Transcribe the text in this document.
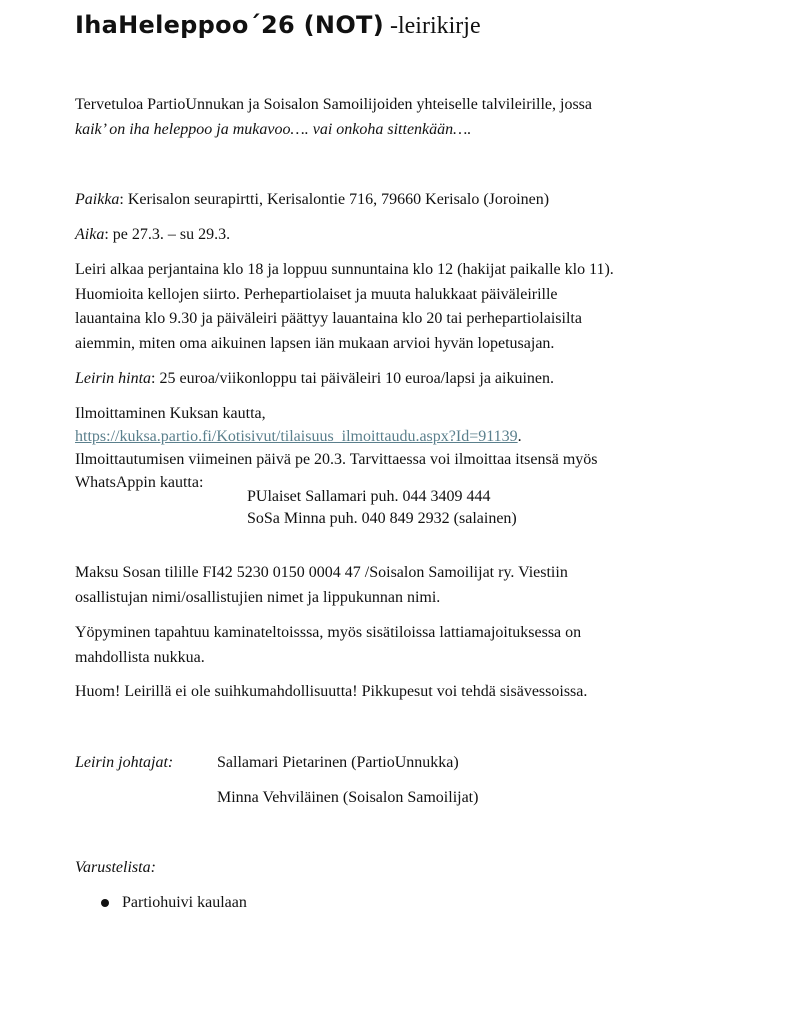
IhaHeleppoo´26 (NOT) -leirikirje
Tervetuloa PartioUnnukan ja Soisalon Samoilijoiden yhteiselle talvileirille, jossa
kaik’ on iha heleppoo ja mukavoo…. vai onkoha sittenkään….
Paikka: Kerisalon seurapirtti, Kerisalontie 716, 79660 Kerisalo (Joroinen)
Aika: pe 27.3. – su 29.3.
Leiri alkaa perjantaina klo 18 ja loppuu sunnuntaina klo 12 (hakijat paikalle klo 11).
Huomioita kellojen siirto. Perhepartiolaiset ja muuta halukkaat päiväleirille
lauantaina klo 9.30 ja päiväleiri päättyy lauantaina klo 20 tai perhepartiolaisilta
aiemmin, miten oma aikuinen lapsen iän mukaan arvioi hyvän lopetusajan.
Leirin hinta: 25 euroa/viikonloppu tai päiväleiri 10 euroa/lapsi ja aikuinen.
Ilmoittaminen Kuksan kautta,
https://kuksa.partio.fi/Kotisivut/tilaisuus_ilmoittaudu.aspx?Id=91139.
Ilmoittautumisen viimeinen päivä pe 20.3. Tarvittaessa voi ilmoittaa itsensä myös
WhatsAppin kautta:
PUlaiset Sallamari puh. 044 3409 444
SoSa Minna puh. 040 849 2932 (salainen)
Maksu Sosan tilille FI42 5230 0150 0004 47 /Soisalon Samoilijat ry. Viestiin
osallistujan nimi/osallistujien nimet ja lippukunnan nimi.
Yöpyminen tapahtuu kaminateltoisssa, myös sisätiloissa lattiamajoituksessa on
mahdollista nukkua.
Huom! Leirillä ei ole suihkumahdollisuutta! Pikkupesut voi tehdä sisävessoissa.
Leirin johtajat:	Sallamari Pietarinen (PartioUnnukka)
Minna Vehviläinen (Soisalon Samoilijat)
Varustelista:
Partiohuivi kaulaan
